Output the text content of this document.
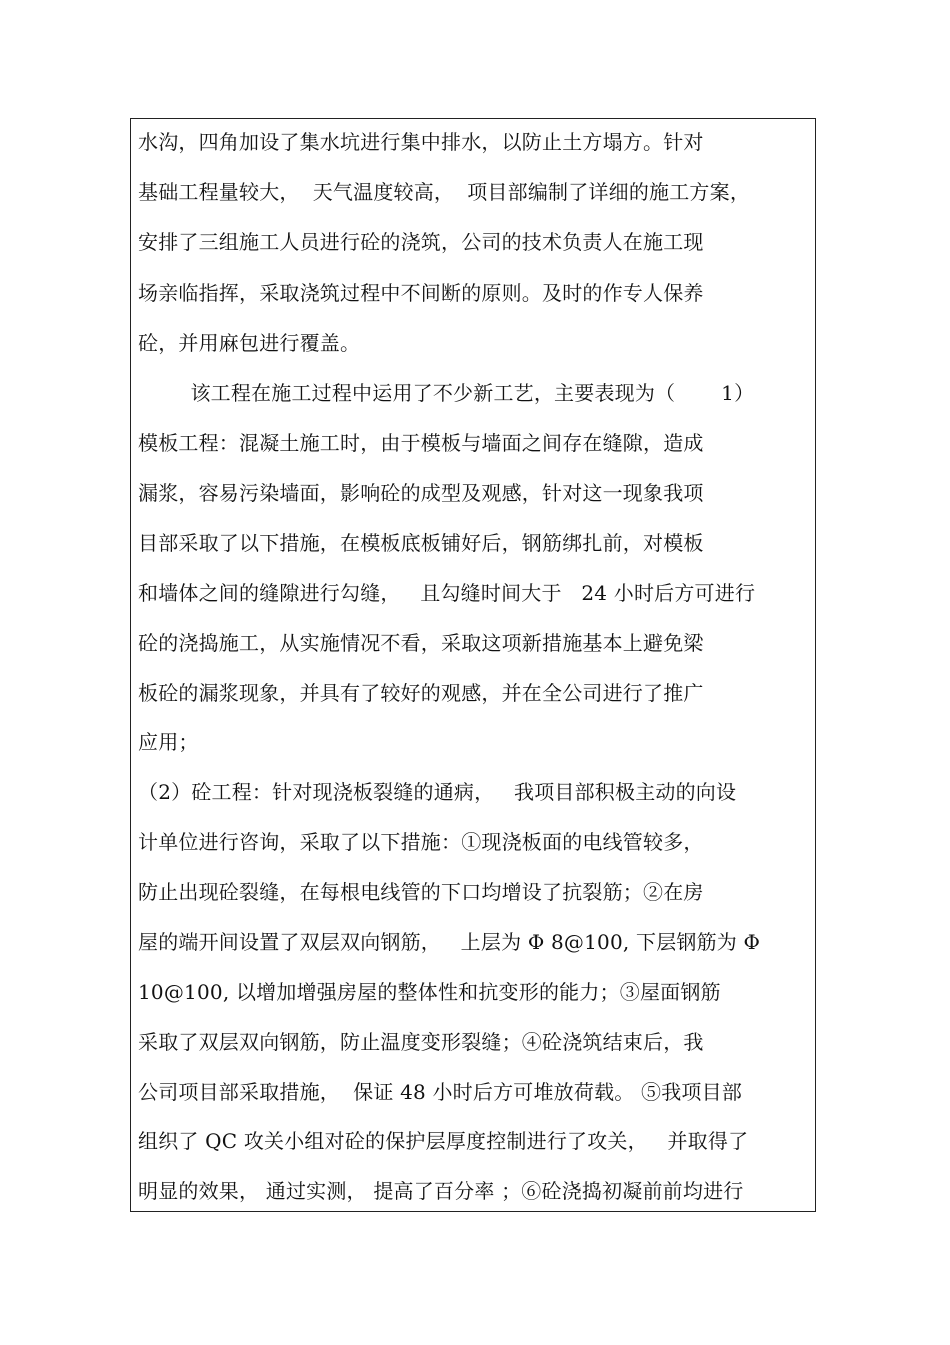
水沟，四角加设了集水坑进行集中排水，以防止土方塌方。针对
基础工程量较大，  天气温度较高，  项目部编制了详细的施工方案，
安排了三组施工人员进行砼的浇筑，公司的技术负责人在施工现
场亲临指挥，采取浇筑过程中不间断的原则。及时的作专人保养
砼，并用麻包进行覆盖。
该工程在施工过程中运用了不少新工艺，主要表现为（       1）
模板工程：混凝土施工时，由于模板与墙面之间存在缝隙，造成
漏浆，容易污染墙面，影响砼的成型及观感，针对这一现象我项
目部采取了以下措施，在模板底板铺好后，钢筋绑扎前，对模板
和墙体之间的缝隙进行勾缝，   且勾缝时间大于   24 小时后方可进行
砼的浇捣施工，从实施情况不看，采取这项新措施基本上避免梁
板砼的漏浆现象，并具有了较好的观感，并在全公司进行了推广
应用；
（2）砼工程：针对现浇板裂缝的通病，   我项目部积极主动的向设
计单位进行咨询，采取了以下措施：①现浇板面的电线管较多，
防止出现砼裂缝，在每根电线管的下口均增设了抗裂筋；②在房
屋的端开间设置了双层双向钢筋，   上层为 Φ 8@100, 下层钢筋为 Φ
10@100, 以增加增强房屋的整体性和抗变形的能力；③屋面钢筋
采取了双层双向钢筋，防止温度变形裂缝；④砼浇筑结束后，我
公司项目部采取措施，  保证 48 小时后方可堆放荷载。 ⑤我项目部
组织了 QC 攻关小组对砼的保护层厚度控制进行了攻关，   并取得了
明显的效果， 通过实测， 提高了百分率 ；⑥砼浇捣初凝前前均进行
